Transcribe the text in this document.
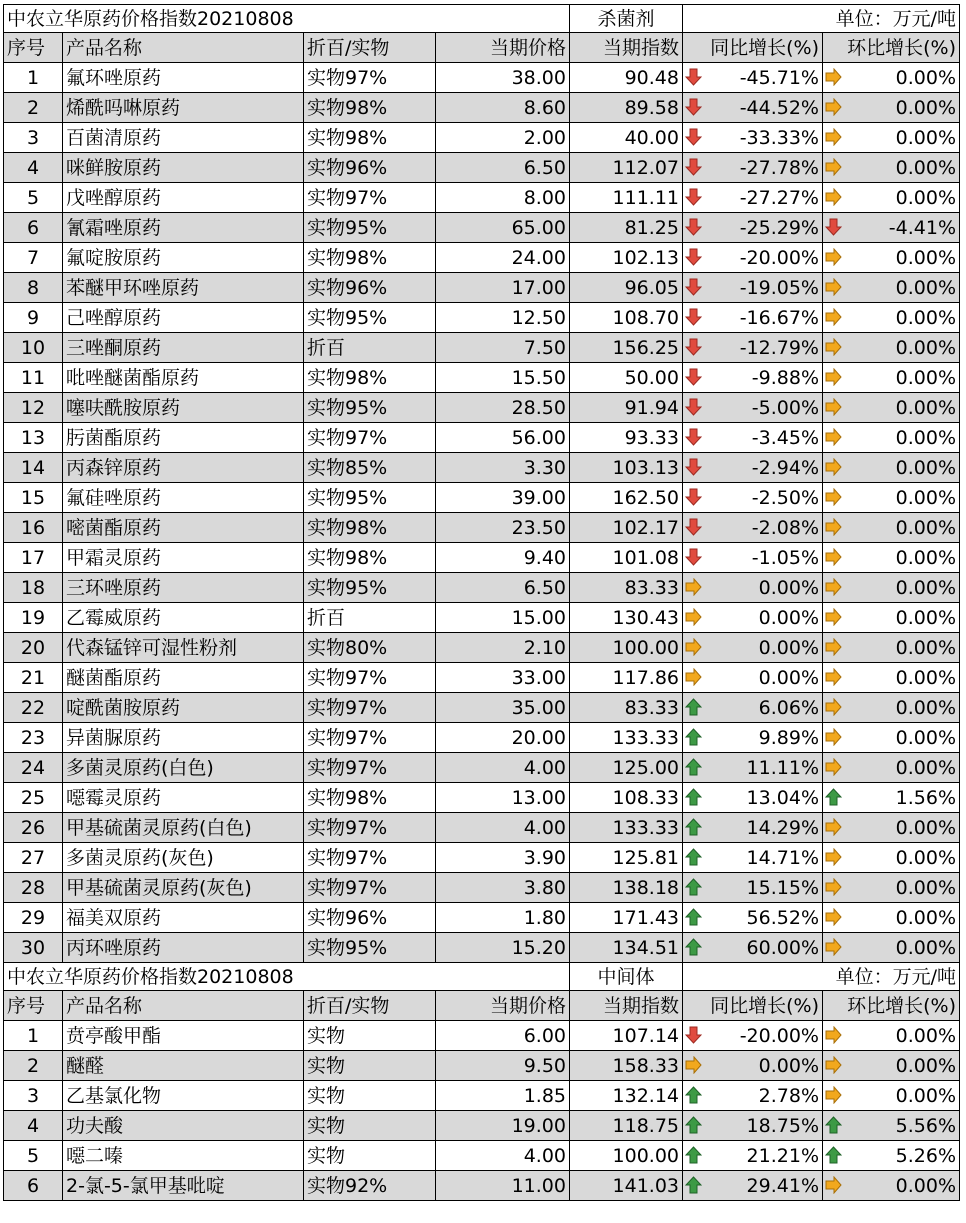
中农立华原药价格指数20210808				杀菌剂	单位：万元/吨	
序号	产品名称	折百/实物	当期价格	当期指数	同比增长(%)	环比增长(%)
1	氟环唑原药	实物97%	38.00	90.48	-45.71%	0.00%
2	烯酰吗啉原药	实物98%	8.60	89.58	-44.52%	0.00%
3	百菌清原药	实物98%	2.00	40.00	-33.33%	0.00%
4	咪鲜胺原药	实物96%	6.50	112.07	-27.78%	0.00%
5	戊唑醇原药	实物97%	8.00	111.11	-27.27%	0.00%
6	氰霜唑原药	实物95%	65.00	81.25	-25.29%	-4.41%
7	氟啶胺原药	实物98%	24.00	102.13	-20.00%	0.00%
8	苯醚甲环唑原药	实物96%	17.00	96.05	-19.05%	0.00%
9	己唑醇原药	实物95%	12.50	108.70	-16.67%	0.00%
10	三唑酮原药	折百	7.50	156.25	-12.79%	0.00%
11	吡唑醚菌酯原药	实物98%	15.50	50.00	-9.88%	0.00%
12	噻呋酰胺原药	实物95%	28.50	91.94	-5.00%	0.00%
13	肟菌酯原药	实物97%	56.00	93.33	-3.45%	0.00%
14	丙森锌原药	实物85%	3.30	103.13	-2.94%	0.00%
15	氟硅唑原药	实物95%	39.00	162.50	-2.50%	0.00%
16	嘧菌酯原药	实物98%	23.50	102.17	-2.08%	0.00%
17	甲霜灵原药	实物98%	9.40	101.08	-1.05%	0.00%
18	三环唑原药	实物95%	6.50	83.33	0.00%	0.00%
19	乙霉威原药	折百	15.00	130.43	0.00%	0.00%
20	代森锰锌可湿性粉剂	实物80%	2.10	100.00	0.00%	0.00%
21	醚菌酯原药	实物97%	33.00	117.86	0.00%	0.00%
22	啶酰菌胺原药	实物97%	35.00	83.33	6.06%	0.00%
23	异菌脲原药	实物97%	20.00	133.33	9.89%	0.00%
24	多菌灵原药(白色)	实物97%	4.00	125.00	11.11%	0.00%
25	噁霉灵原药	实物98%	13.00	108.33	13.04%	1.56%
26	甲基硫菌灵原药(白色)	实物97%	4.00	133.33	14.29%	0.00%
27	多菌灵原药(灰色)	实物97%	3.90	125.81	14.71%	0.00%
28	甲基硫菌灵原药(灰色)	实物97%	3.80	138.18	15.15%	0.00%
29	福美双原药	实物96%	1.80	171.43	56.52%	0.00%
30	丙环唑原药	实物95%	15.20	134.51	60.00%	0.00%
中农立华原药价格指数20210808				中间体	单位：万元/吨	
序号	产品名称	折百/实物	当期价格	当期指数	同比增长(%)	环比增长(%)
1	贲亭酸甲酯	实物	6.00	107.14	-20.00%	0.00%
2	醚醛	实物	9.50	158.33	0.00%	0.00%
3	乙基氯化物	实物	1.85	132.14	2.78%	0.00%
4	功夫酸	实物	19.00	118.75	18.75%	5.56%
5	噁二嗪	实物	4.00	100.00	21.21%	5.26%
6	2-氯-5-氯甲基吡啶	实物92%	11.00	141.03	29.41%	0.00%
